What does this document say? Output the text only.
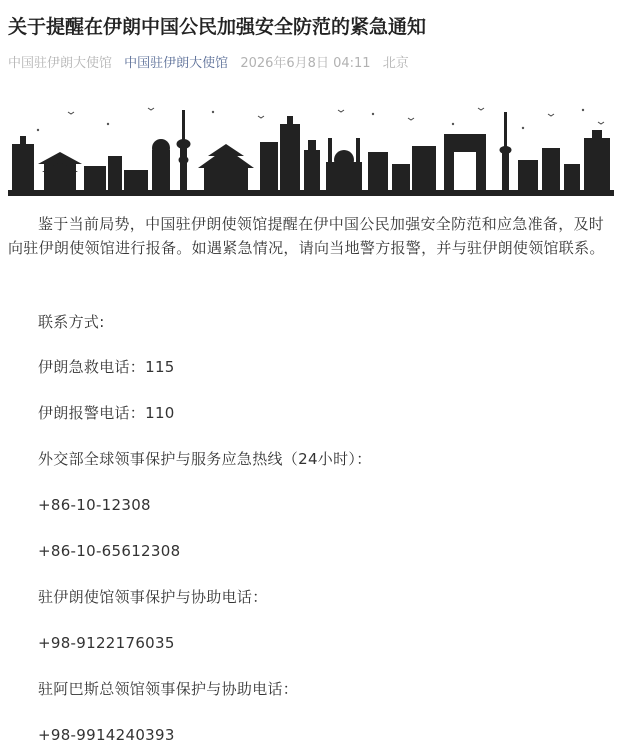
关于提醒在伊朗中国公民加强安全防范的紧急通知
中国驻伊朗大使馆 中国驻伊朗大使馆 2026年6月8日 04:11 北京

鉴于当前局势，中国驻伊朗使领馆提醒在伊中国公民加强安全防范和应急准备，及时向驻伊朗使领馆进行报备。如遇紧急情况，请向当地警方报警，并与驻伊朗使领馆联系。

联系方式:

伊朗急救电话：115

伊朗报警电话：110

外交部全球领事保护与服务应急热线（24小时）：

+86-10-12308

+86-10-65612308

驻伊朗使馆领事保护与协助电话：

+98-9122176035

驻阿巴斯总领馆领事保护与协助电话：

+98-9914240393
